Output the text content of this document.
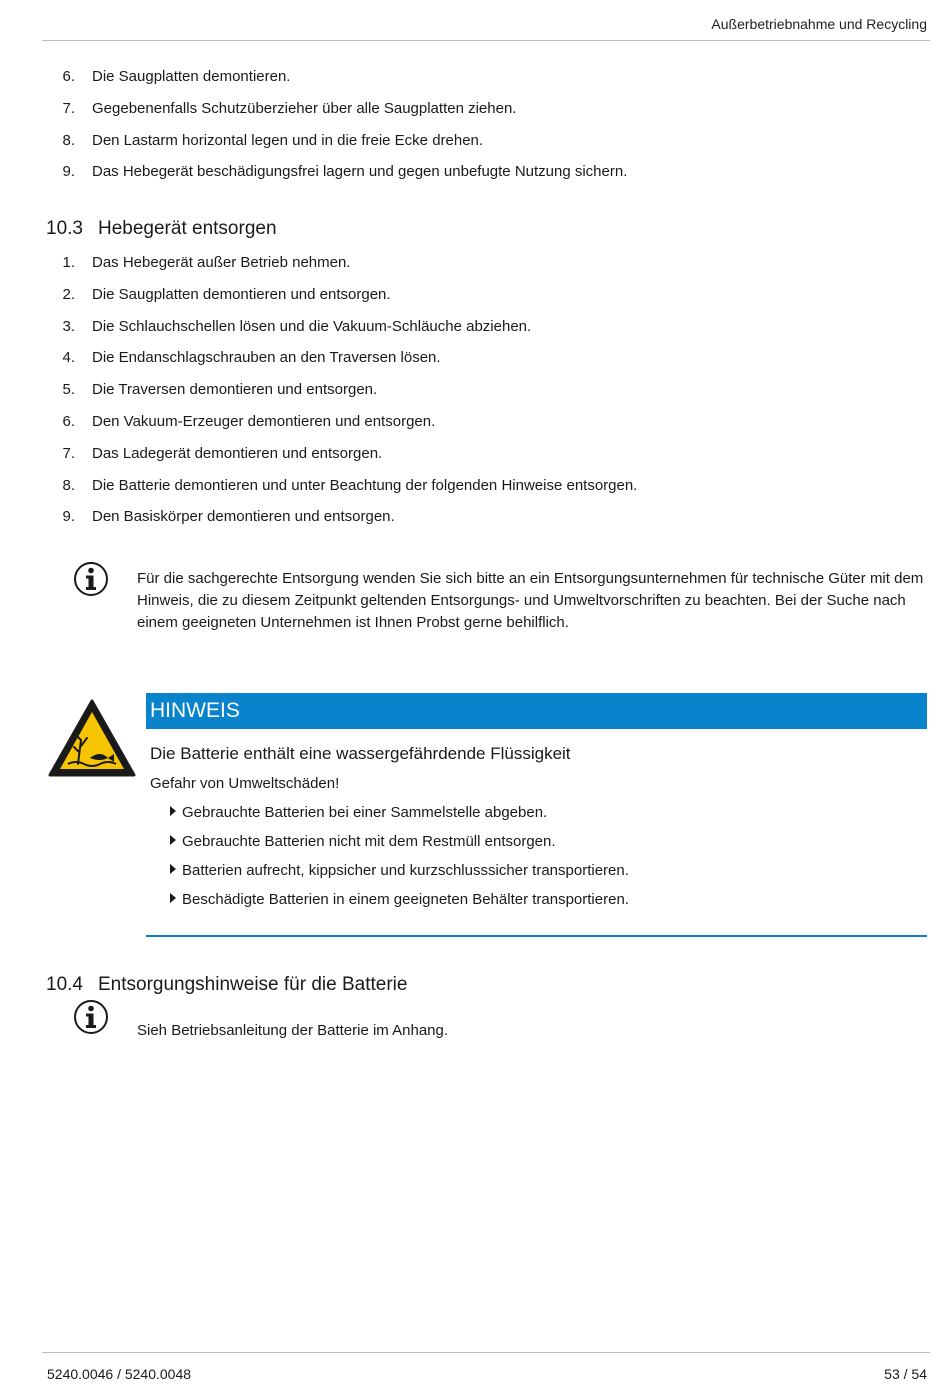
Außerbetriebnahme und Recycling
6. Die Saugplatten demontieren.
7. Gegebenenfalls Schutzüberzieher über alle Saugplatten ziehen.
8. Den Lastarm horizontal legen und in die freie Ecke drehen.
9. Das Hebegerät beschädigungsfrei lagern und gegen unbefugte Nutzung sichern.
10.3 Hebegerät entsorgen
1. Das Hebegerät außer Betrieb nehmen.
2. Die Saugplatten demontieren und entsorgen.
3. Die Schlauchschellen lösen und die Vakuum-Schläuche abziehen.
4. Die Endanschlagschrauben an den Traversen lösen.
5. Die Traversen demontieren und entsorgen.
6. Den Vakuum-Erzeuger demontieren und entsorgen.
7. Das Ladegerät demontieren und entsorgen.
8. Die Batterie demontieren und unter Beachtung der folgenden Hinweise entsorgen.
9. Den Basiskörper demontieren und entsorgen.
Für die sachgerechte Entsorgung wenden Sie sich bitte an ein Entsorgungsunternehmen für technische Güter mit dem Hinweis, die zu diesem Zeitpunkt geltenden Entsorgungs- und Umweltvorschriften zu beachten. Bei der Suche nach einem geeigneten Unternehmen ist Ihnen Probst gerne behilflich.
HINWEIS
Die Batterie enthält eine wassergefährdende Flüssigkeit
Gefahr von Umweltschäden!
Gebrauchte Batterien bei einer Sammelstelle abgeben.
Gebrauchte Batterien nicht mit dem Restmüll entsorgen.
Batterien aufrecht, kippsicher und kurzschlusssicher transportieren.
Beschädigte Batterien in einem geeigneten Behälter transportieren.
10.4 Entsorgungshinweise für die Batterie
Sieh Betriebsanleitung der Batterie im Anhang.
5240.0046 / 5240.0048	53 / 54
